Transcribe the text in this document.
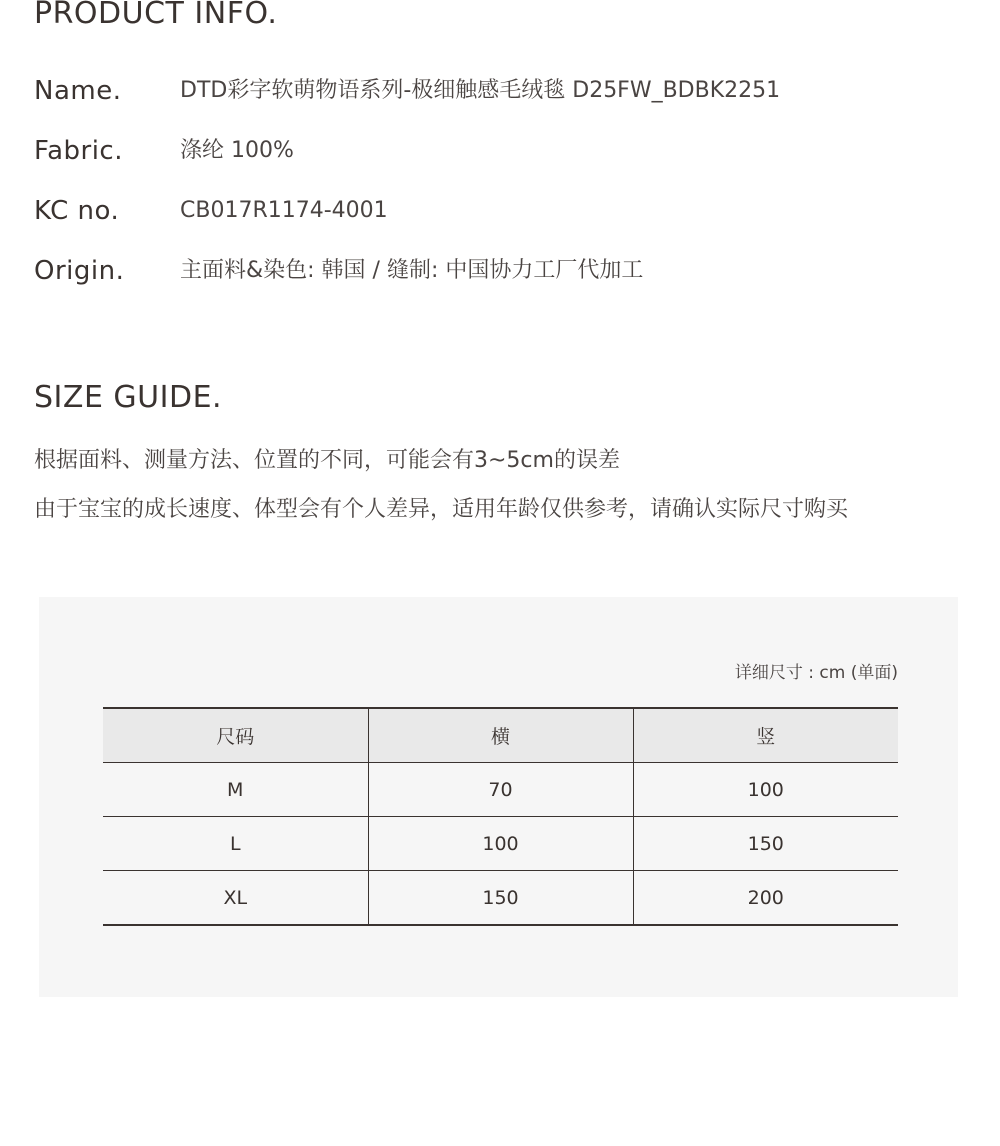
PRODUCT INFO.
Name.	DTD彩字软萌物语系列-极细触感毛绒毯 D25FW_BDBK2251
Fabric.	涤纶 100%
KC no.	CB017R1174-4001
Origin.	主面料&染色: 韩国 / 缝制: 中国协力工厂代加工
SIZE GUIDE.

根据面料、测量方法、位置的不同，可能会有3~5cm的误差

由于宝宝的成长速度、体型会有个人差异，适用年龄仅供参考，请确认实际尺寸购买

详细尺寸 : cm (单面)
尺码	横	竖
M	70	100
L	100	150
XL	150	200
